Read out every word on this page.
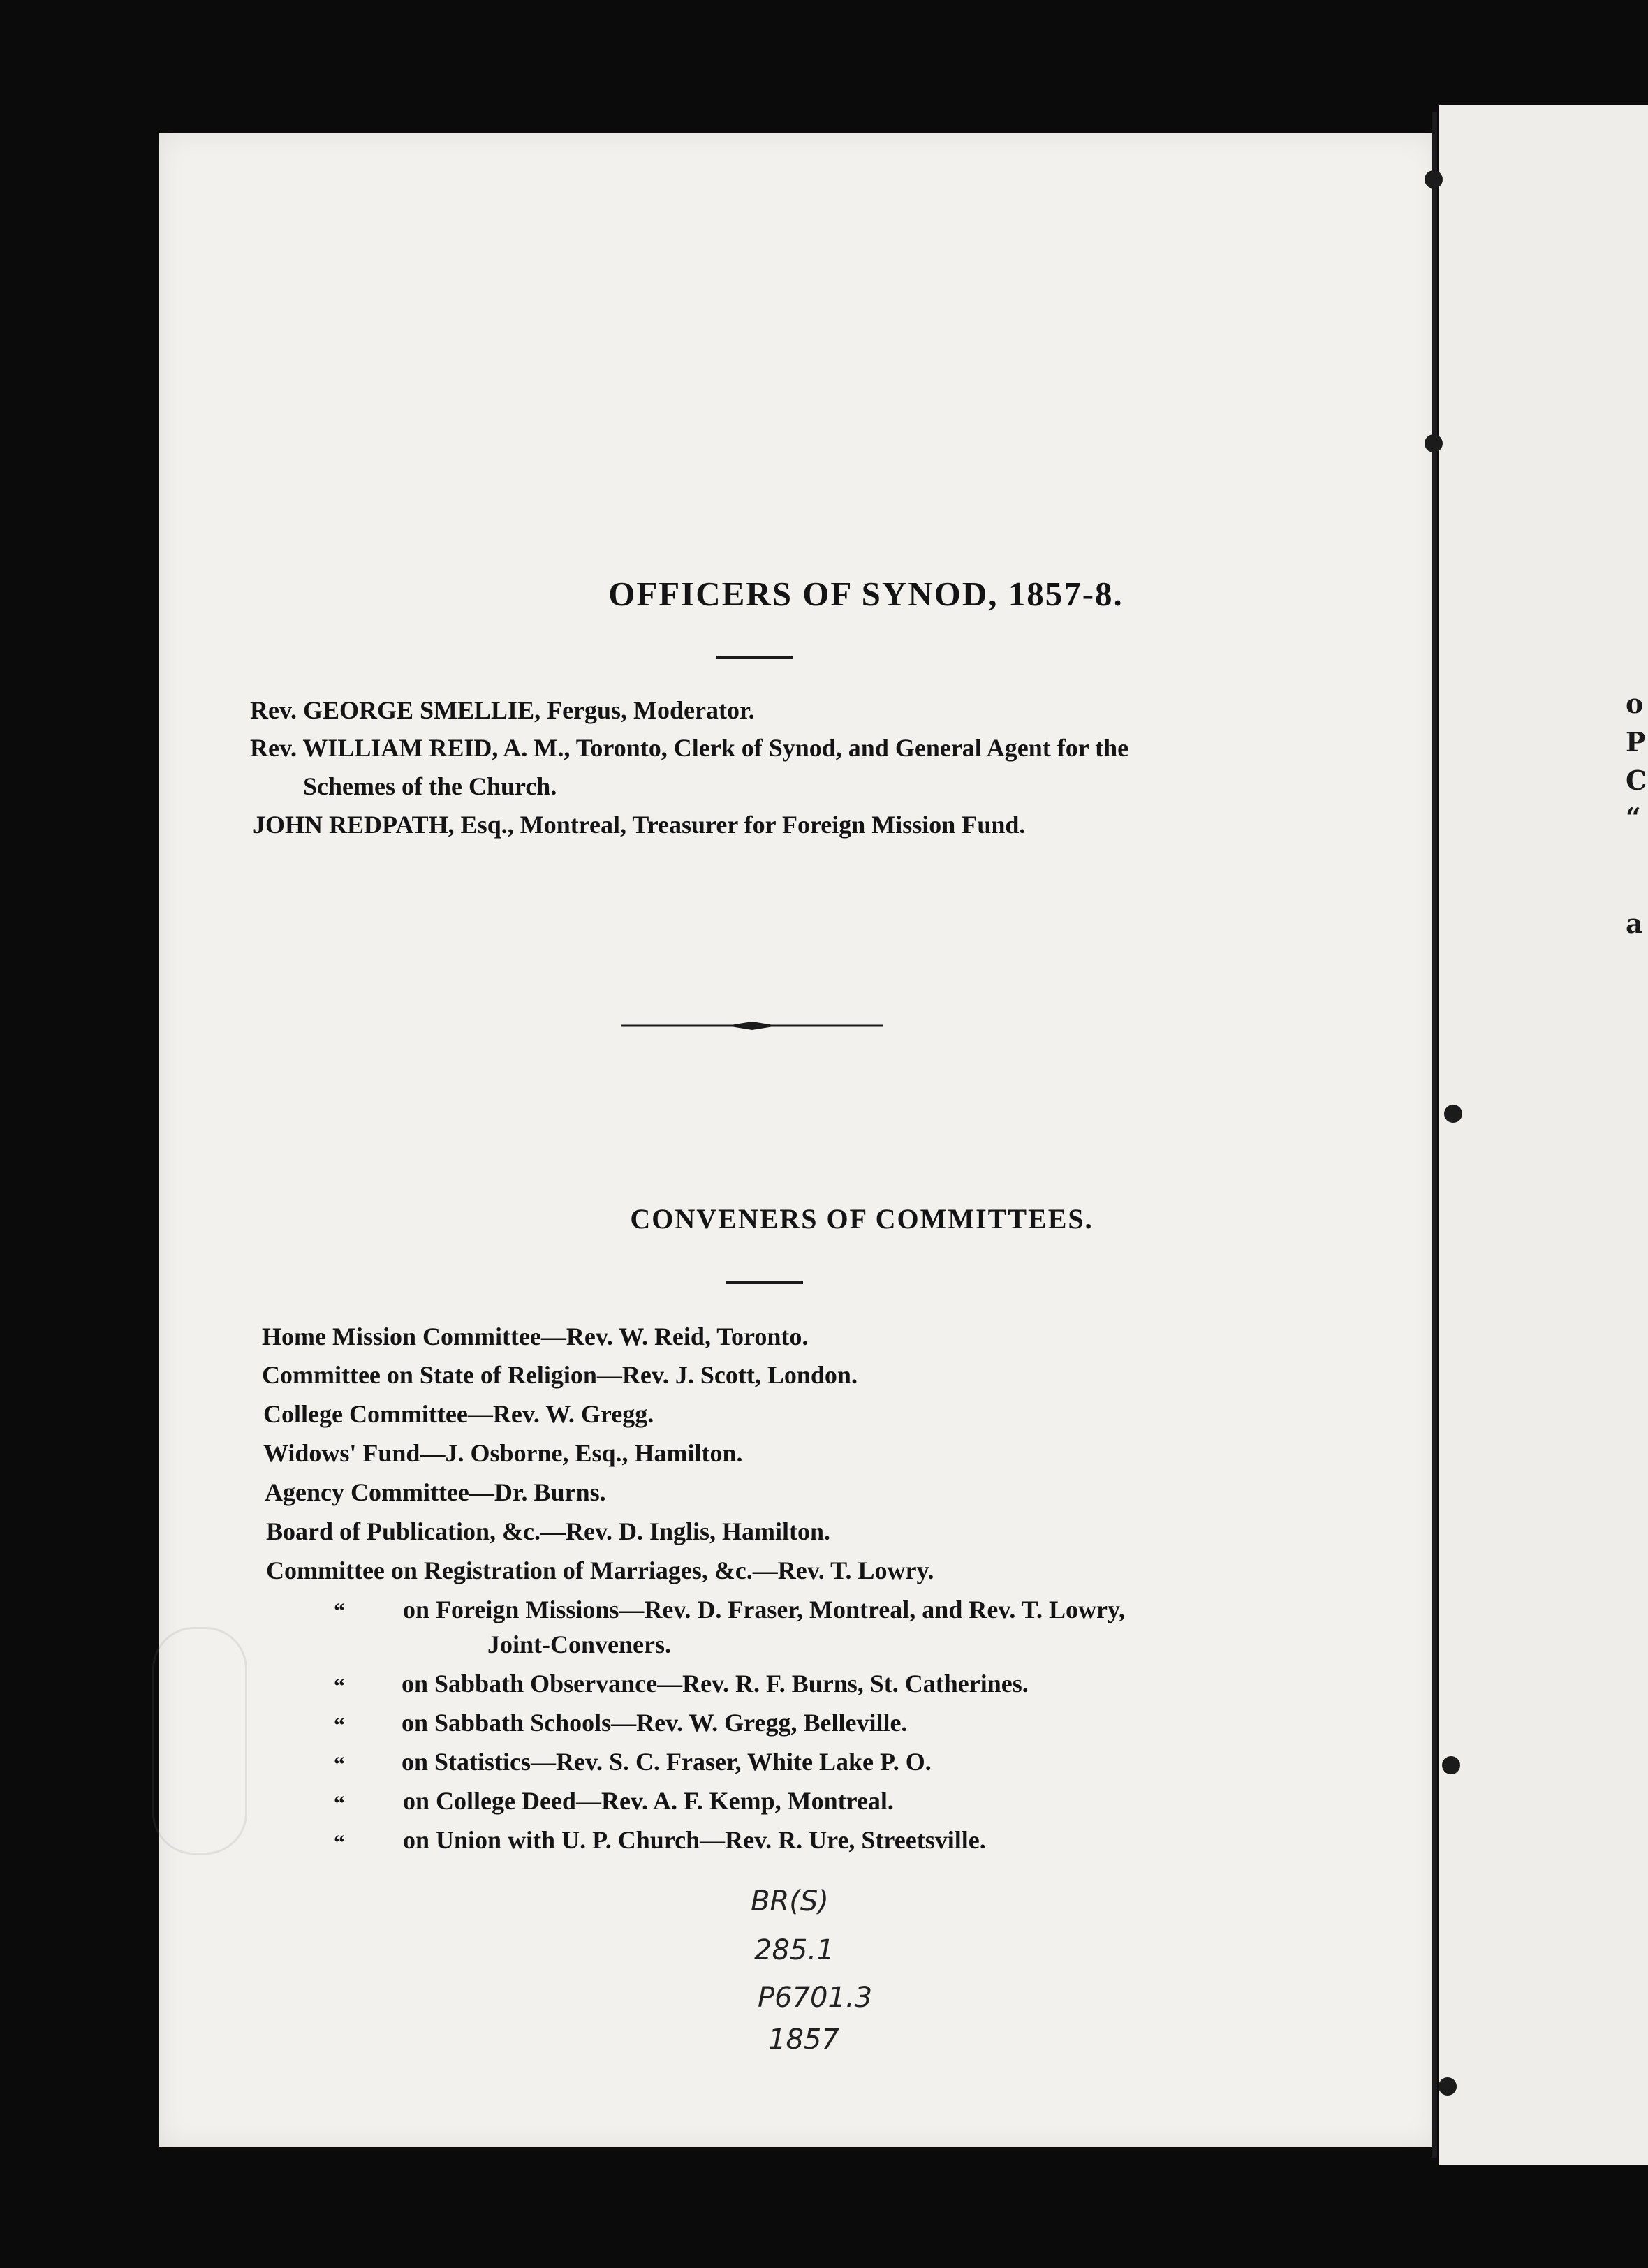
o
P
C
“
a
OFFICERS OF SYNOD, 1857-8.
Rev. GEORGE SMELLIE, Fergus, Moderator.
Rev. WILLIAM REID, A. M., Toronto, Clerk of Synod, and General Agent for the
Schemes of the Church.
JOHN REDPATH, Esq., Montreal, Treasurer for Foreign Mission Fund.
CONVENERS OF COMMITTEES.
Home Mission Committee—Rev. W. Reid, Toronto.
Committee on State of Religion—Rev. J. Scott, London.
College Committee—Rev. W. Gregg.
Widows' Fund—J. Osborne, Esq., Hamilton.
Agency Committee—Dr. Burns.
Board of Publication, &c.—Rev. D. Inglis, Hamilton.
Committee on Registration of Marriages, &c.—Rev. T. Lowry.
“ on Foreign Missions—Rev. D. Fraser, Montreal, and Rev. T. Lowry,
Joint-Conveners.
“ on Sabbath Observance—Rev. R. F. Burns, St. Catherines.
“ on Sabbath Schools—Rev. W. Gregg, Belleville.
“ on Statistics—Rev. S. C. Fraser, White Lake P. O.
“ on College Deed—Rev. A. F. Kemp, Montreal.
“ on Union with U. P. Church—Rev. R. Ure, Streetsville.
BR(S)
285.1
P6701.3
1857
